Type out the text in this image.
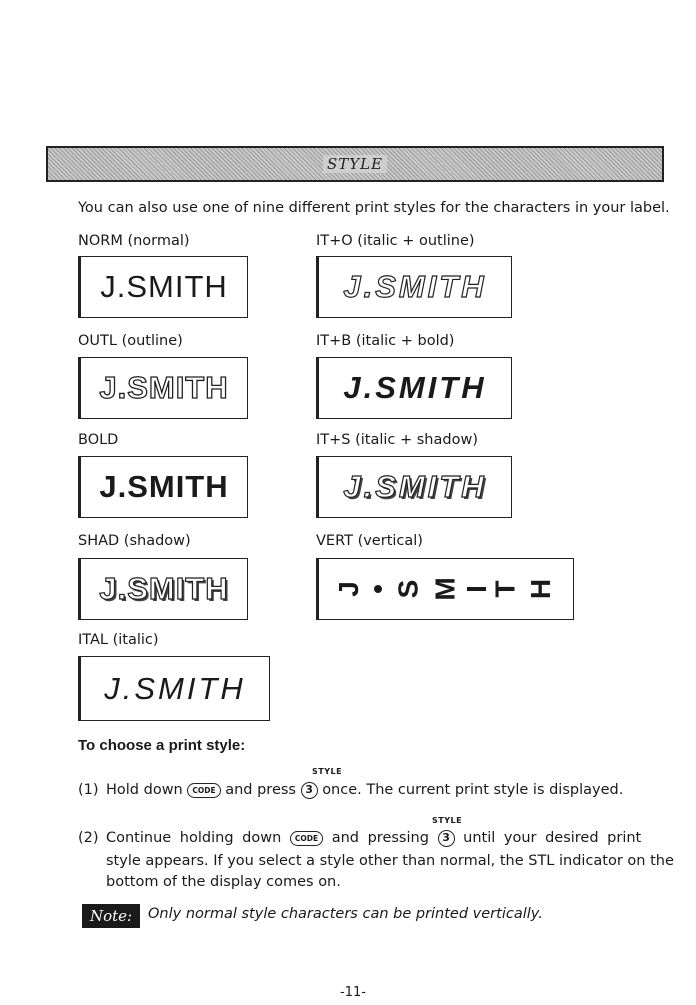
STYLE
You can also use one of nine different print styles for the characters in your label.
NORM (normal)
J.SMITH
OUTL (outline)
J.SMITH
BOLD
J.SMITH
SHAD (shadow)
J.SMITH
ITAL (italic)
J.SMITH
IT+O (italic + outline)
J.SMITH
IT+B (italic + bold)
J.SMITH
IT+S (italic + shadow)
J.SMITH
VERT (vertical)
J
• S M I
T H
To choose a print style:
STYLE
(1) Hold down CODE and press 3 once. The current print style is displayed.
STYLE
(2) Continue holding down CODE and pressing 3 until your desired print
style appears. If you select a style other than normal, the STL indicator on the
bottom of the display comes on.
Note:	Only normal style characters can be printed vertically.
-11-
